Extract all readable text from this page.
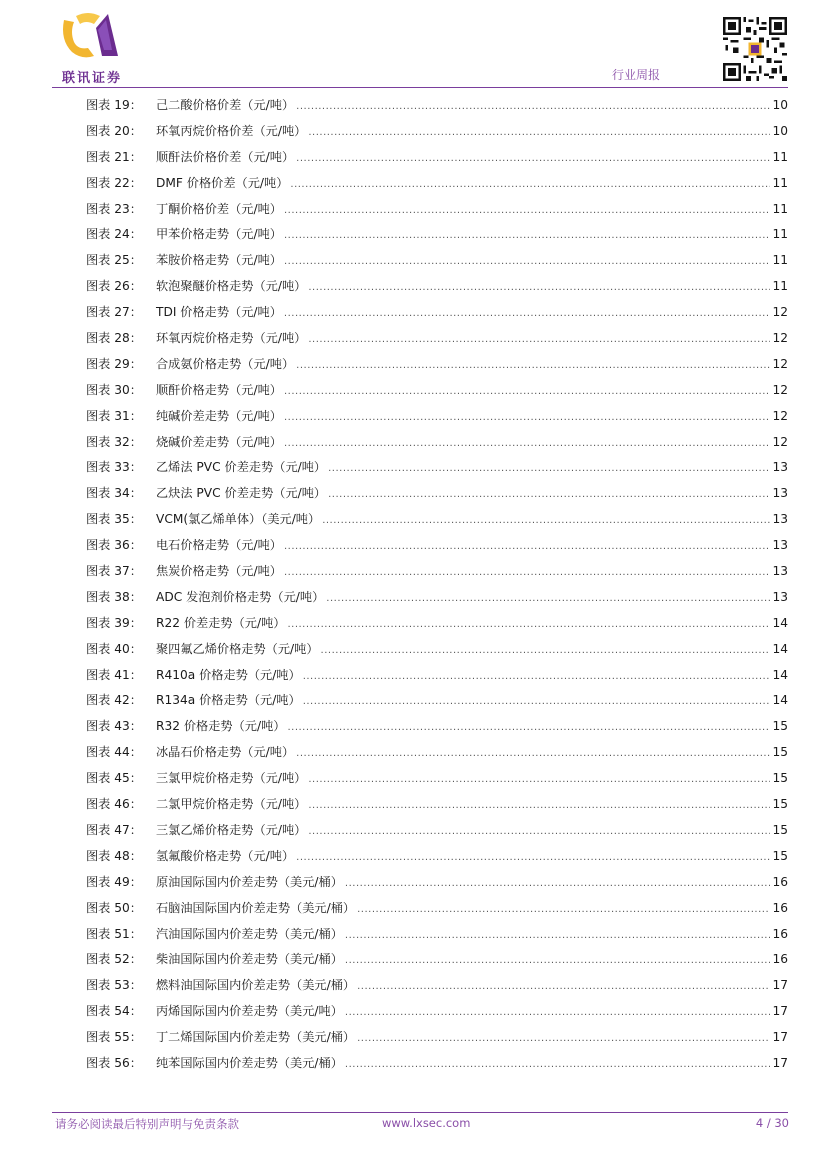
联讯证券	行业周报
图表 19：	己二酸价格价差（元/吨） .....	10
图表 20：	环氧丙烷价格价差（元/吨） .....	10
图表 21：	顺酐法价格价差（元/吨） .....	11
图表 22：	DMF 价格价差（元/吨） .....	11
图表 23：	丁酮价格价差（元/吨） .....	11
图表 24：	甲苯价格走势（元/吨） .....	11
图表 25：	苯胺价格走势（元/吨） .....	11
图表 26：	软泡聚醚价格走势（元/吨） .....	11
图表 27：	TDI 价格走势（元/吨） .....	12
图表 28：	环氧丙烷价格走势（元/吨） .....	12
图表 29：	合成氨价格走势（元/吨） .....	12
图表 30：	顺酐价格走势（元/吨） .....	12
图表 31：	纯碱价差走势（元/吨） .....	12
图表 32：	烧碱价差走势（元/吨） .....	12
图表 33：	乙烯法 PVC 价差走势（元/吨） .....	13
图表 34：	乙炔法 PVC 价差走势（元/吨） .....	13
图表 35：	VCM(氯乙烯单体）（美元/吨） .....	13
图表 36：	电石价格走势（元/吨） .....	13
图表 37：	焦炭价格走势（元/吨） .....	13
图表 38：	ADC 发泡剂价格走势（元/吨） .....	13
图表 39：	R22 价差走势（元/吨） .....	14
图表 40：	聚四氟乙烯价格走势（元/吨） .....	14
图表 41：	R410a 价格走势（元/吨） .....	14
图表 42：	R134a 价格走势（元/吨） .....	14
图表 43：	R32 价格走势（元/吨） .....	15
图表 44：	冰晶石价格走势（元/吨） .....	15
图表 45：	三氯甲烷价格走势（元/吨） .....	15
图表 46：	二氯甲烷价格走势（元/吨） .....	15
图表 47：	三氯乙烯价格走势（元/吨） .....	15
图表 48：	氢氟酸价格走势（元/吨） .....	15
图表 49：	原油国际国内价差走势（美元/桶） .....	16
图表 50：	石脑油国际国内价差走势（美元/桶） .....	16
图表 51：	汽油国际国内价差走势（美元/桶） .....	16
图表 52：	柴油国际国内价差走势（美元/桶） .....	16
图表 53：	燃料油国际国内价差走势（美元/桶） .....	17
图表 54：	丙烯国际国内价差走势（美元/吨） .....	17
图表 55：	丁二烯国际国内价差走势（美元/桶） .....	17
图表 56：	纯苯国际国内价差走势（美元/桶） .....	17
请务必阅读最后特别声明与免责条款	www.lxsec.com	4 / 30
